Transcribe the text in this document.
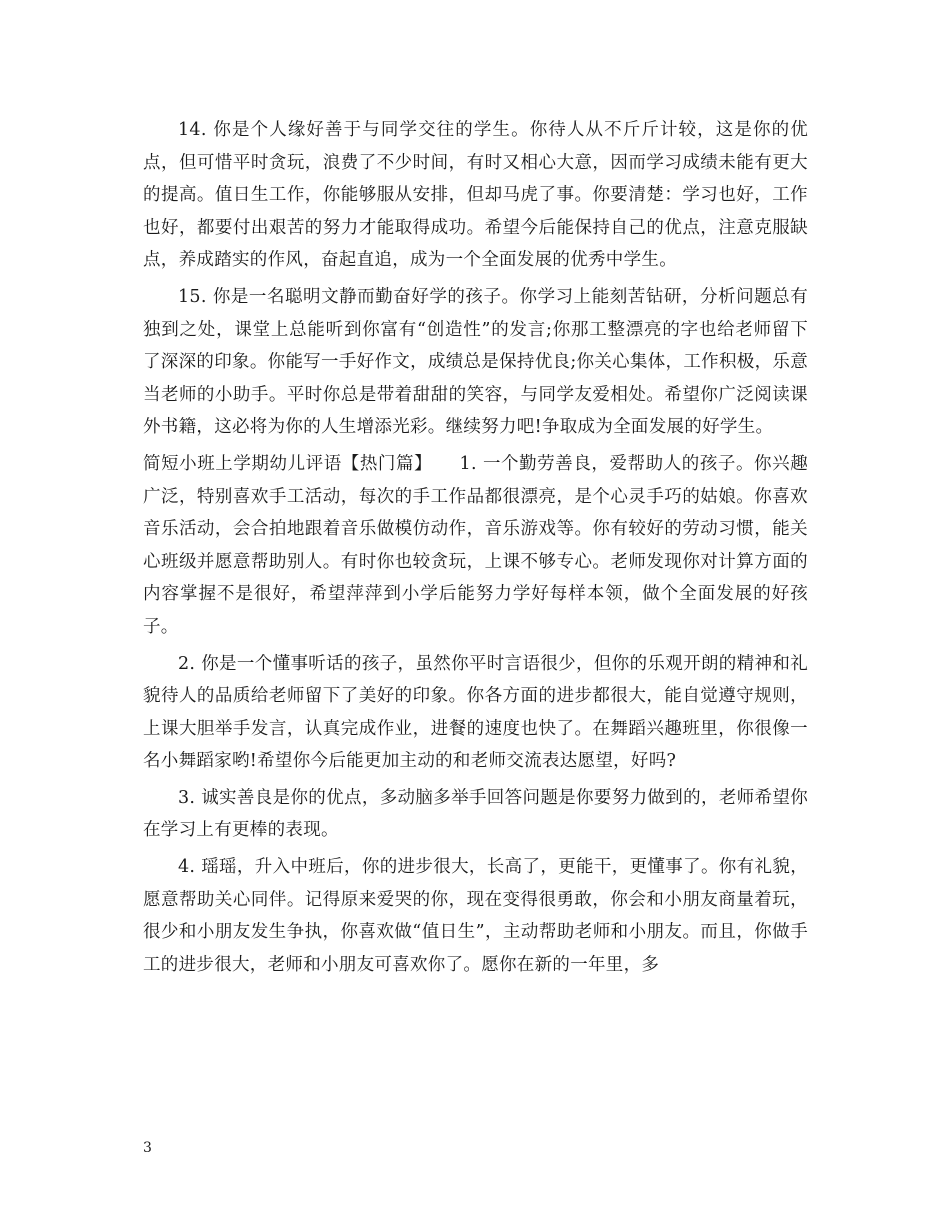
14. 你是个人缘好善于与同学交往的学生。你待人从不斤斤计较，这是你的优点，但可惜平时贪玩，浪费了不少时间，有时又相心大意，因而学习成绩未能有更大的提高。值日生工作，你能够服从安排，但却马虎了事。你要清楚：学习也好，工作也好，都要付出艰苦的努力才能取得成功。希望今后能保持自己的优点，注意克服缺点，养成踏实的作风，奋起直追，成为一个全面发展的优秀中学生。

15. 你是一名聪明文静而勤奋好学的孩子。你学习上能刻苦钻研，分析问题总有独到之处，课堂上总能听到你富有“创造性”的发言;你那工整漂亮的字也给老师留下了深深的印象。你能写一手好作文，成绩总是保持优良;你关心集体，工作积极，乐意当老师的小助手。平时你总是带着甜甜的笑容，与同学友爱相处。希望你广泛阅读课外书籍，这必将为你的人生增添光彩。继续努力吧!争取成为全面发展的好学生。

简短小班上学期幼儿评语【热门篇】　　1. 一个勤劳善良，爱帮助人的孩子。你兴趣广泛，特别喜欢手工活动，每次的手工作品都很漂亮，是个心灵手巧的姑娘。你喜欢音乐活动，会合拍地跟着音乐做模仿动作，音乐游戏等。你有较好的劳动习惯，能关心班级并愿意帮助别人。有时你也较贪玩，上课不够专心。老师发现你对计算方面的内容掌握不是很好，希望萍萍到小学后能努力学好每样本领，做个全面发展的好孩子。

2. 你是一个懂事听话的孩子，虽然你平时言语很少，但你的乐观开朗的精神和礼貌待人的品质给老师留下了美好的印象。你各方面的进步都很大，能自觉遵守规则，上课大胆举手发言，认真完成作业，进餐的速度也快了。在舞蹈兴趣班里，你很像一名小舞蹈家哟!希望你今后能更加主动的和老师交流表达愿望，好吗?

3. 诚实善良是你的优点，多动脑多举手回答问题是你要努力做到的，老师希望你在学习上有更棒的表现。

4. 瑶瑶，升入中班后，你的进步很大，长高了，更能干，更懂事了。你有礼貌，愿意帮助关心同伴。记得原来爱哭的你，现在变得很勇敢，你会和小朋友商量着玩，很少和小朋友发生争执，你喜欢做“值日生”，主动帮助老师和小朋友。而且，你做手工的进步很大，老师和小朋友可喜欢你了。愿你在新的一年里，多

3
